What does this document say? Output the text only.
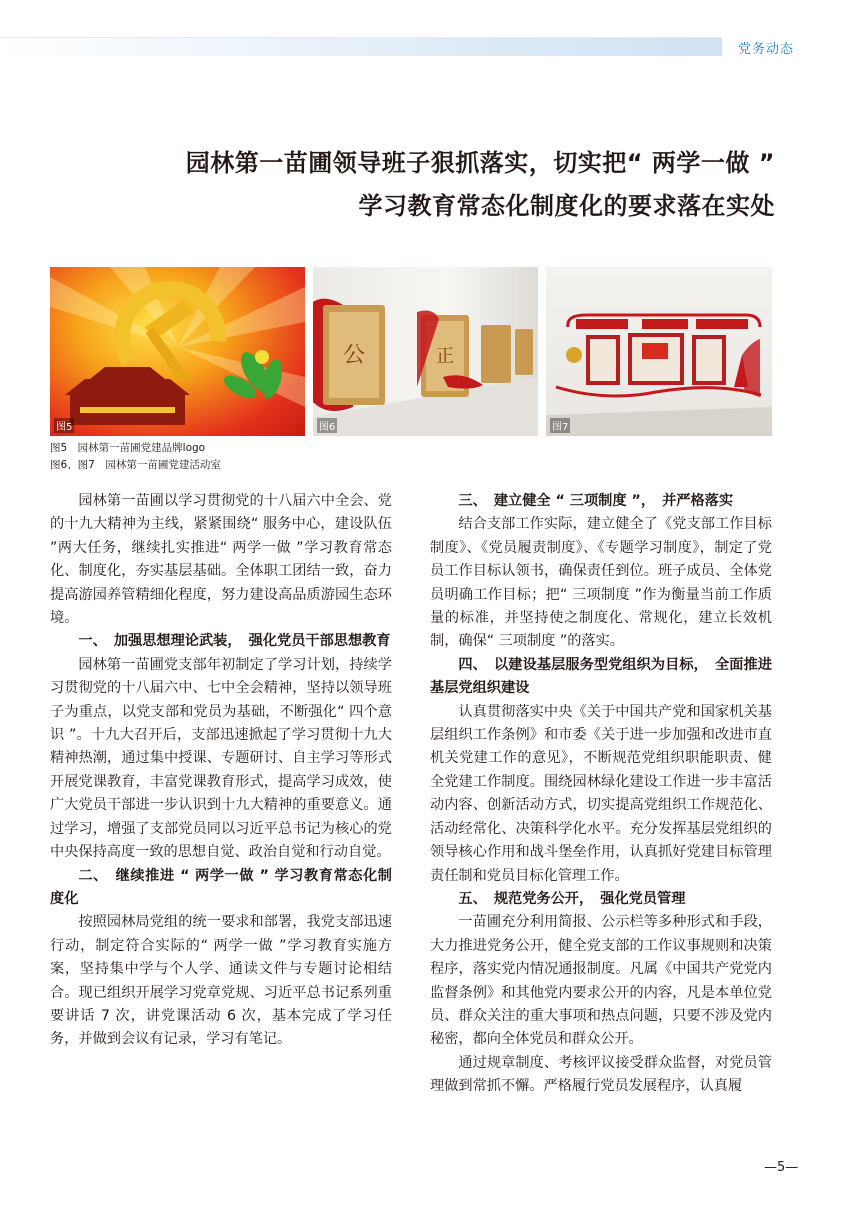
党务动态
园林第一苗圃领导班子狠抓落实，切实把“ 两学一做 ”
学习教育常态化制度化的要求落在实处
图5
公	正
图6	图7
图5　园林第一苗圃党建品牌logo
图6、图7　园林第一苗圃党建活动室

园林第一苗圃以学习贯彻党的十八届六中全会、党的十九大精神为主线，紧紧围绕“ 服务中心，建设队伍 ”两大任务，继续扎实推进“ 两学一做 ”学习教育常态化、制度化，夯实基层基础。全体职工团结一致，奋力提高游园养管精细化程度，努力建设高品质游园生态环境。

一、　加强思想理论武装，　强化党员干部思想教育

园林第一苗圃党支部年初制定了学习计划，持续学习贯彻党的十八届六中、七中全会精神，坚持以领导班子为重点，以党支部和党员为基础，不断强化“ 四个意识 ”。十九大召开后，支部迅速掀起了学习贯彻十九大精神热潮，通过集中授课、专题研讨、自主学习等形式开展党课教育，丰富党课教育形式，提高学习成效，使广大党员干部进一步认识到十九大精神的重要意义。通过学习，增强了支部党员同以习近平总书记为核心的党中央保持高度一致的思想自觉、政治自觉和行动自觉。

二、　继续推进 “ 两学一做 ” 学习教育常态化制度化

按照园林局党组的统一要求和部署，我党支部迅速行动，制定符合实际的“ 两学一做 ”学习教育实施方案，坚持集中学与个人学、通读文件与专题讨论相结合。现已组织开展学习党章党规、习近平总书记系列重要讲话 7 次，讲党课活动 6 次，基本完成了学习任务，并做到会议有记录，学习有笔记。

三、　建立健全 “ 三项制度 ”，　并严格落实

结合支部工作实际，建立健全了《党支部工作目标制度》、《党员履责制度》、《专题学习制度》，制定了党员工作目标认领书，确保责任到位。班子成员、全体党员明确工作目标；把“ 三项制度 ”作为衡量当前工作质量的标准，并坚持使之制度化、常规化，建立长效机制，确保“ 三项制度 ”的落实。

四、　以建设基层服务型党组织为目标，　全面推进基层党组织建设

认真贯彻落实中央《关于中国共产党和国家机关基层组织工作条例》和市委《关于进一步加强和改进市直机关党建工作的意见》，不断规范党组织职能职责、健全党建工作制度。围绕园林绿化建设工作进一步丰富活动内容、创新活动方式，切实提高党组织工作规范化、活动经常化、决策科学化水平。充分发挥基层党组织的领导核心作用和战斗堡垒作用，认真抓好党建目标管理责任制和党员目标化管理工作。

五、　规范党务公开，　强化党员管理

一苗圃充分利用简报、公示栏等多种形式和手段，大力推进党务公开，健全党支部的工作议事规则和决策程序，落实党内情况通报制度。凡属《中国共产党党内监督条例》和其他党内要求公开的内容，凡是本单位党员、群众关注的重大事项和热点问题，只要不涉及党内秘密，都向全体党员和群众公开。

通过规章制度、考核评议接受群众监督，对党员管理做到常抓不懈。严格履行党员发展程序，认真履

—5—
